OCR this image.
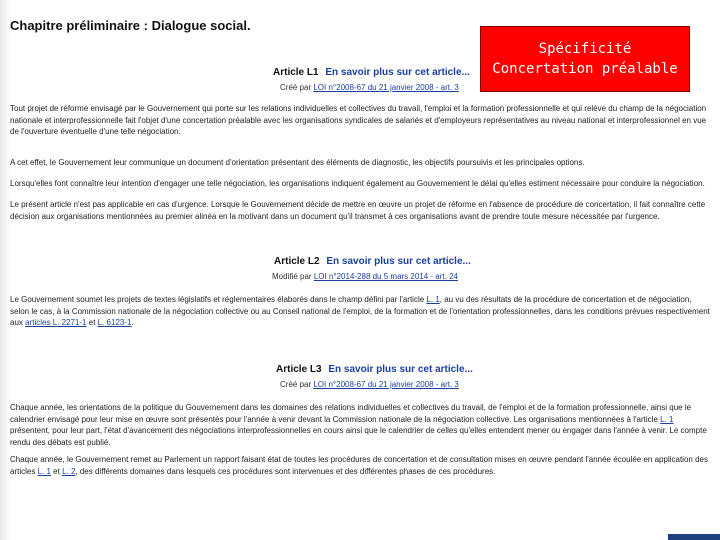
Chapitre préliminaire : Dialogue social.
Spécificité
Concertation préalable
Article L1 En savoir plus sur cet article...
Créé par LOI n°2008-67 du 21 janvier 2008 - art. 3
Tout projet de réforme envisagé par le Gouvernement qui porte sur les relations individuelles et collectives du travail, l'emploi et la formation professionnelle et qui relève du champ de la négociation nationale et interprofessionnelle fait l'objet d'une concertation préalable avec les organisations syndicales de salariés et d'employeurs représentatives au niveau national et interprofessionnel en vue de l'ouverture éventuelle d'une telle négociation.
A cet effet, le Gouvernement leur communique un document d'orientation présentant des éléments de diagnostic, les objectifs poursuivis et les principales options.
Lorsqu'elles font connaître leur intention d'engager une telle négociation, les organisations indiquent également au Gouvernement le délai qu'elles estiment nécessaire pour conduire la négociation.
Le présent article n'est pas applicable en cas d'urgence. Lorsque le Gouvernement décide de mettre en œuvre un projet de réforme en l'absence de procédure de concertation, il fait connaître cette décision aux organisations mentionnées au premier alinéa en la motivant dans un document qu'il transmet à ces organisations avant de prendre toute mesure nécessitée par l'urgence.
Article L2 En savoir plus sur cet article...
Modifié par LOI n°2014-288 du 5 mars 2014 - art. 24
Le Gouvernement soumet les projets de textes législatifs et réglementaires élaborés dans le champ défini par l'article L. 1, au vu des résultats de la procédure de concertation et de négociation, selon le cas, à la Commission nationale de la négociation collective ou au Conseil national de l'emploi, de la formation et de l'orientation professionnelles, dans les conditions prévues respectivement aux articles L. 2271-1 et L. 6123-1.
Article L3 En savoir plus sur cet article...
Créé par LOI n°2008-67 du 21 janvier 2008 - art. 3
Chaque année, les orientations de la politique du Gouvernement dans les domaines des relations individuelles et collectives du travail, de l'emploi et de la formation professionnelle, ainsi que le calendrier envisagé pour leur mise en œuvre sont présentés pour l'année à venir devant la Commission nationale de la négociation collective. Les organisations mentionnées à l'article L. 1 présentent, pour leur part, l'état d'avancement des négociations interprofessionnelles en cours ainsi que le calendrier de celles qu'elles entendent mener ou engager dans l'année à venir. Le compte rendu des débats est publié.
Chaque année, le Gouvernement remet au Parlement un rapport faisant état de toutes les procédures de concertation et de consultation mises en œuvre pendant l'année écoulée en application des articles L. 1 et L. 2, des différents domaines dans lesquels ces procédures sont intervenues et des différentes phases de ces procédures.
